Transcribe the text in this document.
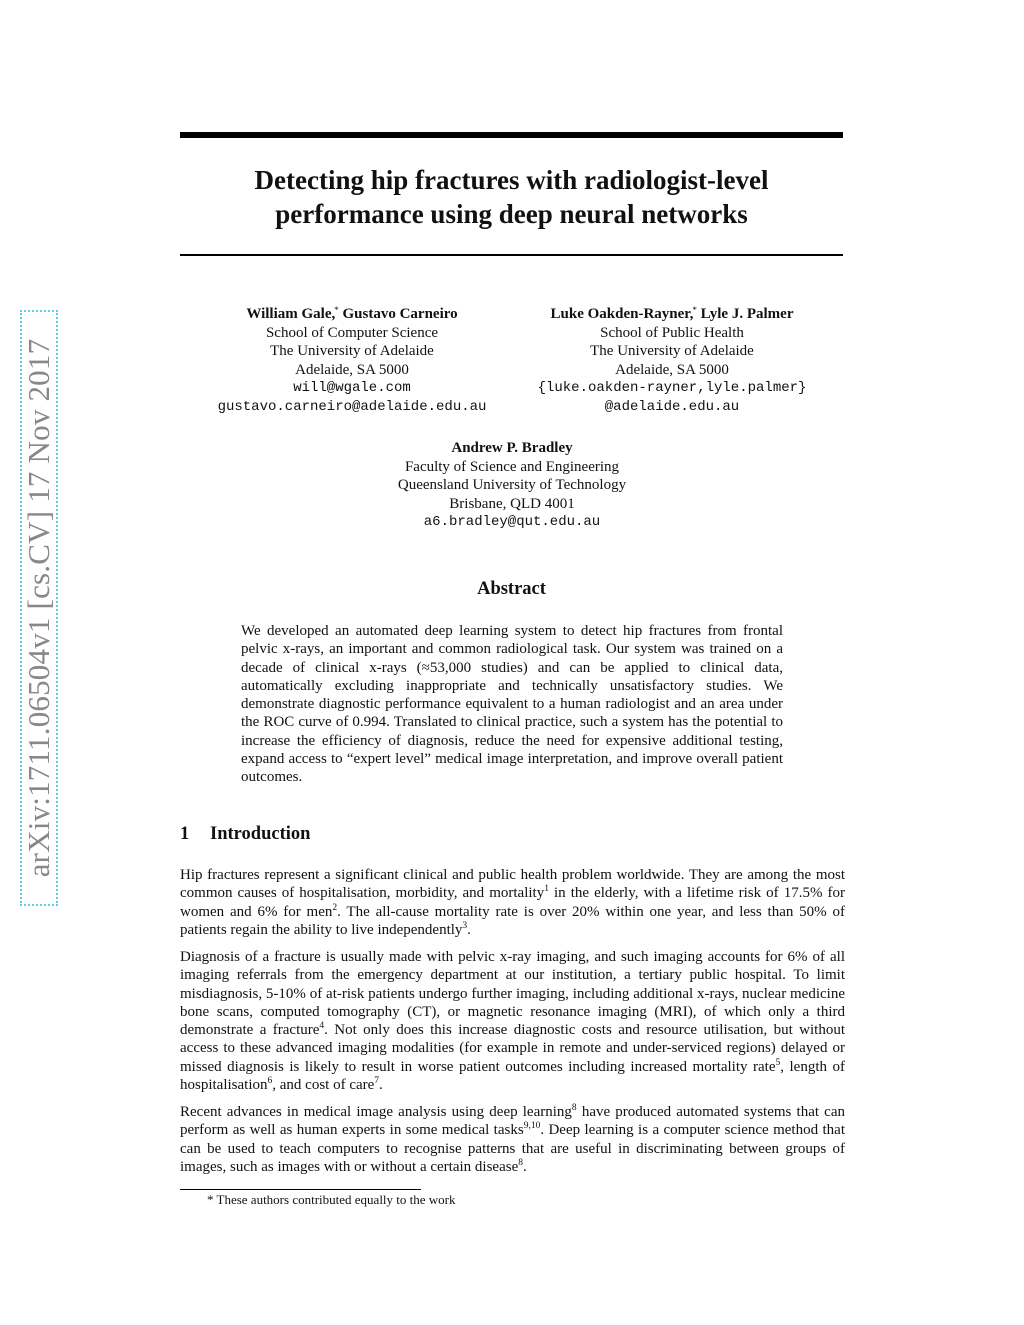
arXiv:1711.06504v1 [cs.CV] 17 Nov 2017
Detecting hip fractures with radiologist-level
performance using deep neural networks
William Gale,* Gustavo Carneiro
School of Computer Science
The University of Adelaide
Adelaide, SA 5000
will@wgale.com
gustavo.carneiro@adelaide.edu.au
Luke Oakden-Rayner,* Lyle J. Palmer
School of Public Health
The University of Adelaide
Adelaide, SA 5000
{luke.oakden-rayner,lyle.palmer}
@adelaide.edu.au
Andrew P. Bradley
Faculty of Science and Engineering
Queensland University of Technology
Brisbane, QLD 4001
a6.bradley@qut.edu.au
Abstract
We developed an automated deep learning system to detect hip fractures from frontal pelvic x-rays, an important and common radiological task. Our system was trained on a decade of clinical x-rays (≈53,000 studies) and can be applied to clinical data, automatically excluding inappropriate and technically unsatisfactory studies. We demonstrate diagnostic performance equivalent to a human radiologist and an area under the ROC curve of 0.994. Translated to clinical practice, such a system has the potential to increase the efficiency of diagnosis, reduce the need for expensive additional testing, expand access to “expert level” medical image interpretation, and improve overall patient outcomes.
1 Introduction

Hip fractures represent a significant clinical and public health problem worldwide. They are among the most common causes of hospitalisation, morbidity, and mortality$^1$ in the elderly, with a lifetime risk of 17.5% for women and 6% for men$^2$. The all-cause mortality rate is over 20% within one year, and less than 50% of patients regain the ability to live independently$^3$.

Diagnosis of a fracture is usually made with pelvic x-ray imaging, and such imaging accounts for 6% of all imaging referrals from the emergency department at our institution, a tertiary public hospital. To limit misdiagnosis, 5-10% of at-risk patients undergo further imaging, including additional x-rays, nuclear medicine bone scans, computed tomography (CT), or magnetic resonance imaging (MRI), of which only a third demonstrate a fracture$^4$. Not only does this increase diagnostic costs and resource utilisation, but without access to these advanced imaging modalities (for example in remote and under-serviced regions) delayed or missed diagnosis is likely to result in worse patient outcomes including increased mortality rate$^5$, length of hospitalisation$^6$, and cost of care$^7$.

Recent advances in medical image analysis using deep learning$^8$ have produced automated systems that can perform as well as human experts in some medical tasks$^{9,10}$. Deep learning is a computer science method that can be used to teach computers to recognise patterns that are useful in discriminating between groups of images, such as images with or without a certain disease$^8$.

* These authors contributed equally to the work
